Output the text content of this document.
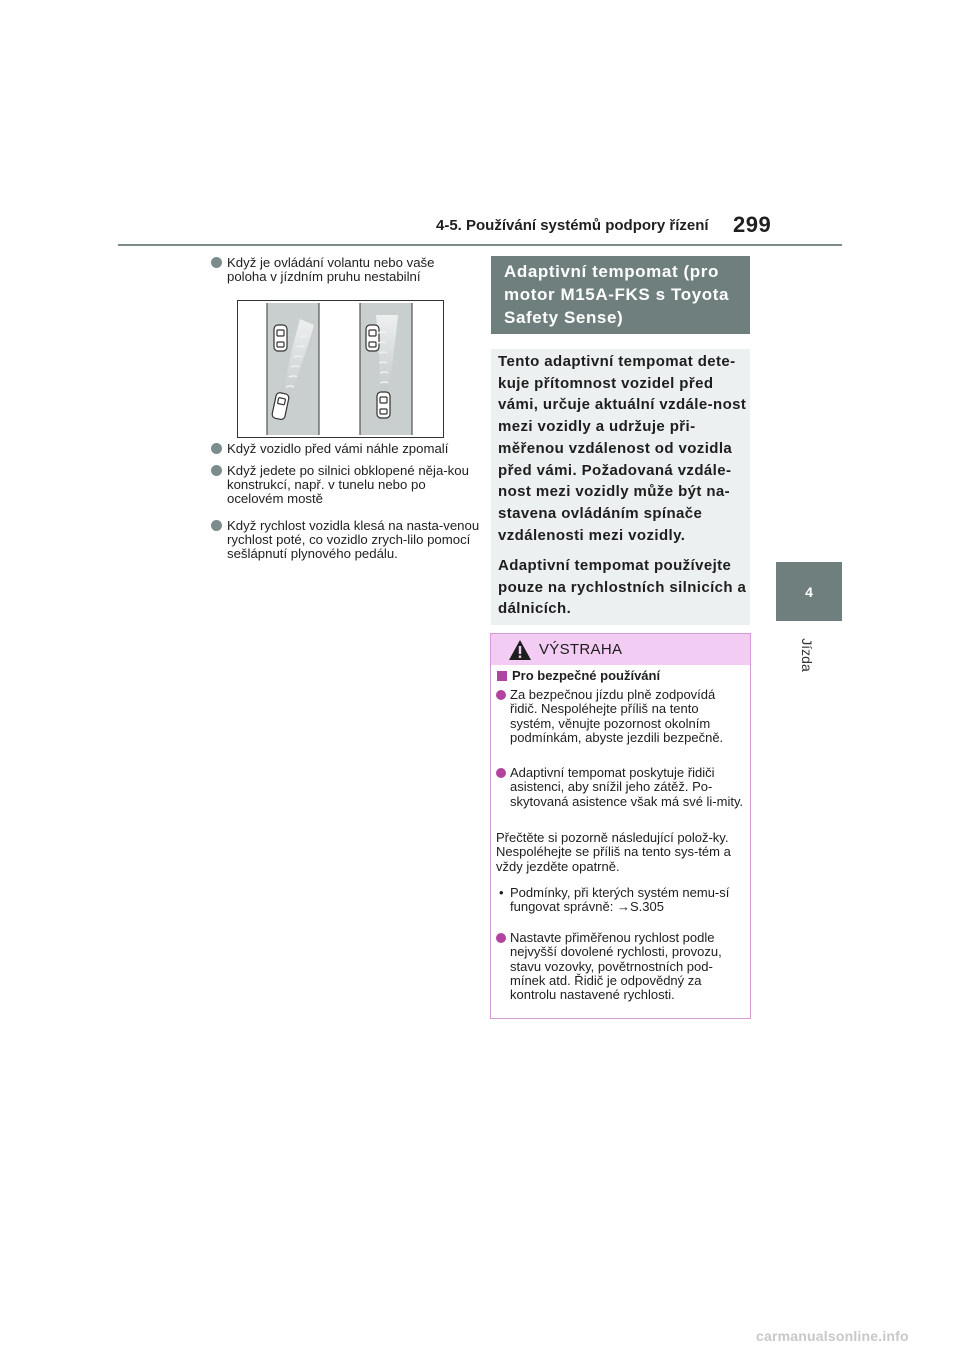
4-5. Používání systémů podpory řízení 299
4
Jízda
Když je ovládání volantu nebo vaše poloha v jízdním pruhu nestabilní
Když vozidlo před vámi náhle zpomalí
Když jedete po silnici obklopené něja-kou konstrukcí, např. v tunelu nebo po ocelovém mostě
Když rychlost vozidla klesá na nasta-venou rychlost poté, co vozidlo zrych-lilo pomocí sešlápnutí plynového pedálu.
Adaptivní tempomat (pro motor M15A-FKS s Toyota Safety Sense)
Tento adaptivní tempomat dete-kuje přítomnost vozidel před vámi, určuje aktuální vzdále-nost mezi vozidly a udržuje při-měřenou vzdálenost od vozidla před vámi. Požadovaná vzdále-nost mezi vozidly může být na-stavena ovládáním spínače vzdálenosti mezi vozidly.
Adaptivní tempomat používejte pouze na rychlostních silnicích a dálnicích.
VÝSTRAHA
Pro bezpečné používání
Za bezpečnou jízdu plně zodpovídá řidič. Nespoléhejte příliš na tento systém, věnujte pozornost okolním podmínkám, abyste jezdili bezpečně.
Adaptivní tempomat poskytuje řidiči asistenci, aby snížil jeho zátěž. Po-skytovaná asistence však má své li-mity.
Přečtěte si pozorně následující polož-ky. Nespoléhejte se příliš na tento sys-tém a vždy jezděte opatrně.
• Podmínky, při kterých systém nemu-sí fungovat správně: →S.305
Nastavte přiměřenou rychlost podle nejvyšší dovolené rychlosti, provozu, stavu vozovky, povětrnostních pod-mínek atd. Řidič je odpovědný za kontrolu nastavené rychlosti.
carmanualsonline.info
